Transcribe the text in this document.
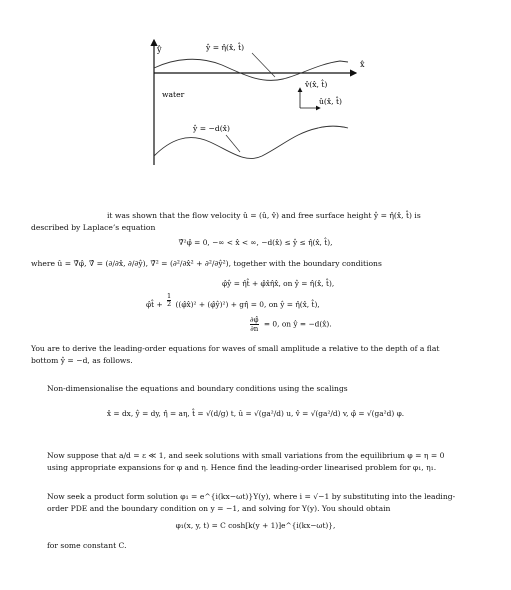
ŷ
x̂
ŷ = η̂(x̂, t̂)
water
v̂(x̂, t̂)
û(x̂, t̂)
ŷ = −d(x̂)
it was shown that the flow velocity û = (û, v̂) and free surface height ŷ = η̂(x̂, t̂) is
described by Laplace’s equation
∇̂²φ̂ = 0, −∞ < x̂ < ∞, −d(x̂) ≤ ŷ ≤ η̂(x̂, t̂),
where û = ∇̂φ̂, ∇̂ = (∂/∂x̂, ∂/∂ŷ), ∇̂² = (∂²/∂x̂² + ∂²/∂ŷ²), together with the boundary conditions
φ̂ŷ = η̂t̂ + φ̂x̂η̂x̂, on ŷ = η̂(x̂, t̂),
φ̂t̂ + $\frac{1}{2}$ ((φ̂x̂)² + (φ̂ŷ)²) + gη̂ = 0, on ŷ = η̂(x̂, t̂),
$\frac{\partial\varphî}{\partial n} = 0$, on ŷ = −d(x̂).
You are to derive the leading-order equations for waves of small amplitude a relative to the depth of a flat
bottom ŷ = −d, as follows.
Non-dimensionalise the equations and boundary conditions using the scalings
x̂ = dx, ŷ = dy, η̂ = aη, t̂ = √(d/g) t, û = √(ga²/d) u, v̂ = √(ga²/d) v, φ̂ = √(ga²d) φ.
Now suppose that a/d = ε ≪ 1, and seek solutions with small variations from the equilibrium φ = η = 0
using appropriate expansions for φ and η. Hence find the leading-order linearised problem for φ₁, η₁.
Now seek a product form solution φ₁ = e^{i(kx−ωt)}Y(y), where i = √−1 by substituting into the leading-
order PDE and the boundary condition on y = −1, and solving for Y(y). You should obtain
φ₁(x, y, t) = C cosh[k(y + 1)]e^{i(kx−ωt)},
for some constant C.
